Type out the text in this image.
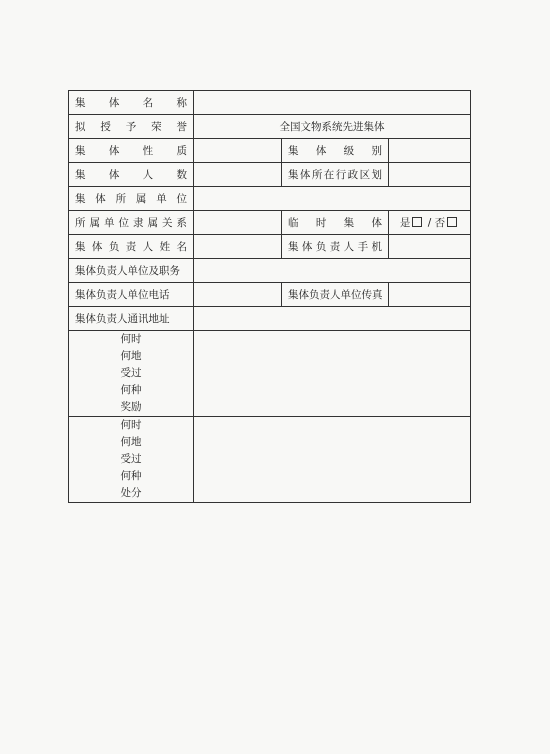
集体名称			
拟授予荣誉	全国文物系统先进集体		
集体性质		集体级别	
集体人数		集体所在行政区划	
集体所属单位			
所属单位隶属关系		临时集体	是 / 否
集体负责人姓名		集体负责人手机	
集体负责人单位及职务			
集体负责人单位电话		集体负责人单位传真	
集体负责人通讯地址			

何时
何地
受过
何种
奖励			

何时
何地
受过
何种
处分			
